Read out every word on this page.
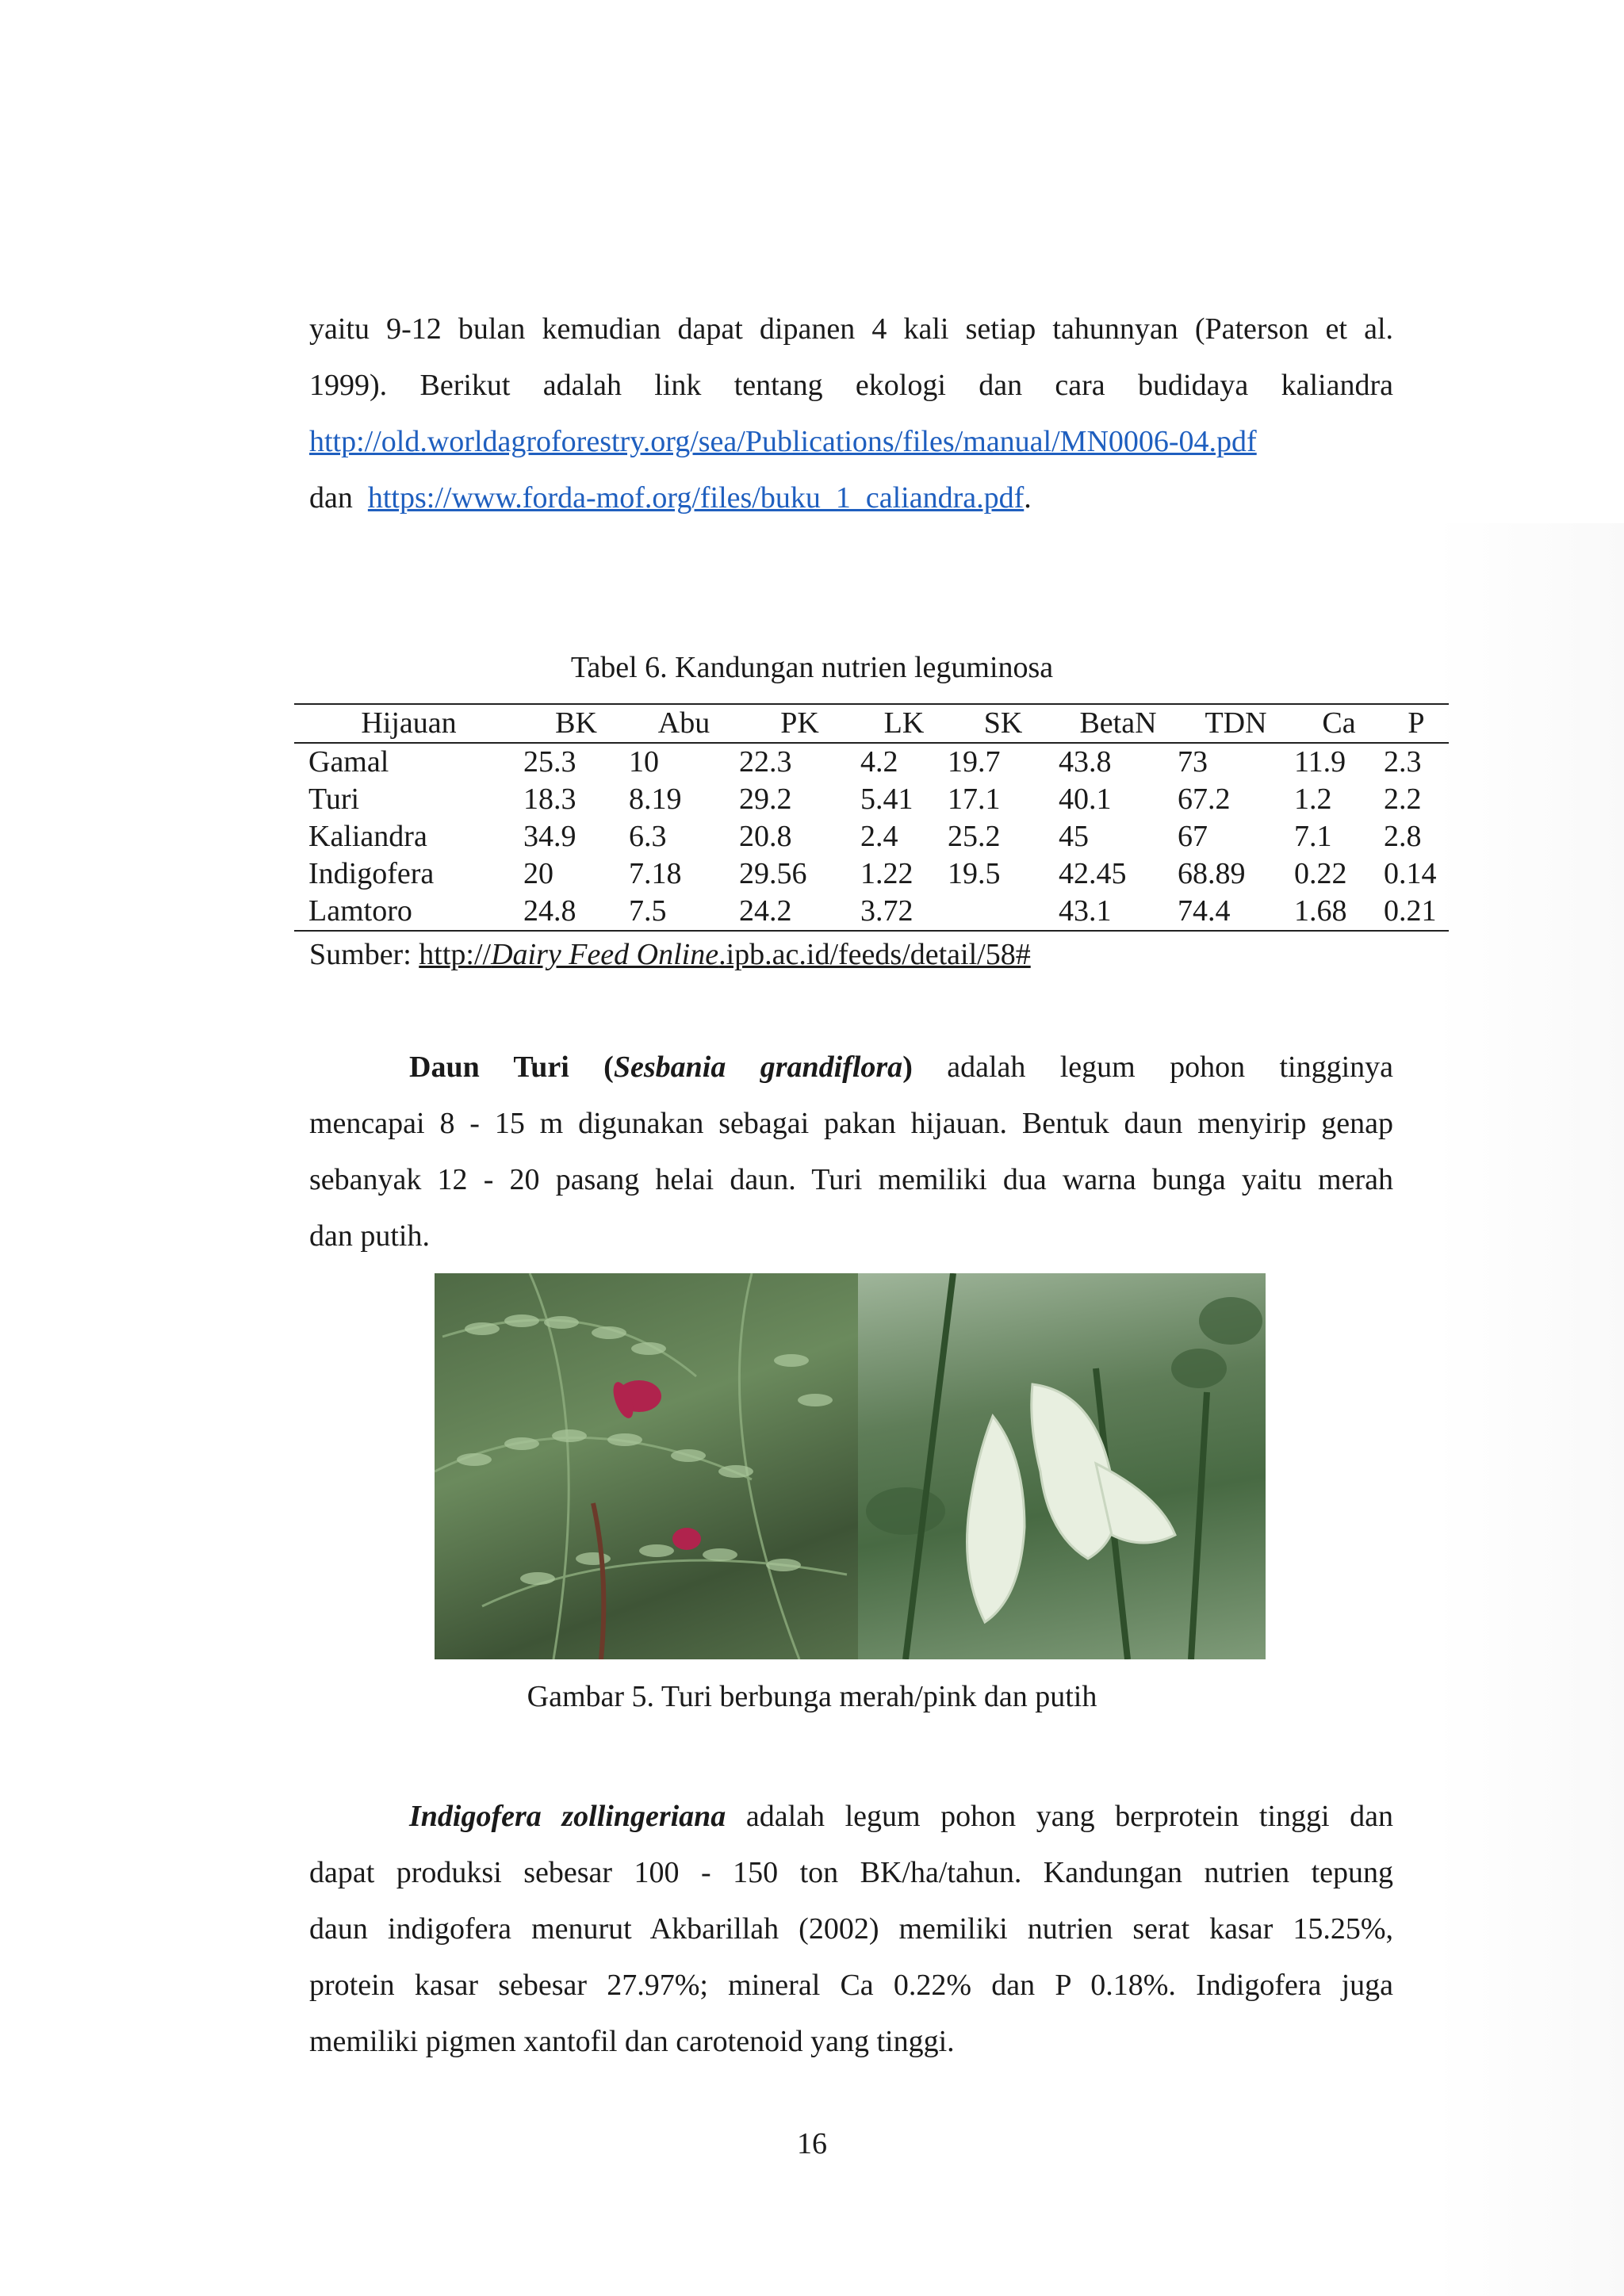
yaitu 9-12 bulan kemudian dapat dipanen 4 kali setiap tahunnyan (Paterson et al.
1999). Berikut adalah link tentang ekologi dan cara budidaya kaliandra
http://old.worldagroforestry.org/sea/Publications/files/manual/MN0006-04.pdf
dan https://www.forda-mof.org/files/buku_1_caliandra.pdf.

Tabel 6. Kandungan nutrien leguminosa

Hijauan	BK	Abu	PK	LK	SK	BetaN	TDN	Ca	P
Gamal	25.3	10	22.3	4.2	19.7	43.8	73	11.9	2.3
Turi	18.3	8.19	29.2	5.41	17.1	40.1	67.2	1.2	2.2
Kaliandra	34.9	6.3	20.8	2.4	25.2	45	67	7.1	2.8
Indigofera	20	7.18	29.56	1.22	19.5	42.45	68.89	0.22	0.14
Lamtoro	24.8	7.5	24.2	3.72		43.1	74.4	1.68	0.21

Sumber: http://Dairy Feed Online.ipb.ac.id/feeds/detail/58#

Daun Turi (Sesbania grandiflora) adalah legum pohon tingginya
mencapai 8 - 15 m digunakan sebagai pakan hijauan. Bentuk daun menyirip genap
sebanyak 12 - 20 pasang helai daun. Turi memiliki dua warna bunga yaitu merah
dan putih.

Gambar 5. Turi berbunga merah/pink dan putih

Indigofera zollingeriana adalah legum pohon yang berprotein tinggi dan
dapat produksi sebesar 100 - 150 ton BK/ha/tahun. Kandungan nutrien tepung
daun indigofera menurut Akbarillah (2002) memiliki nutrien serat kasar 15.25%,
protein kasar sebesar 27.97%; mineral Ca 0.22% dan P 0.18%. Indigofera juga
memiliki pigmen xantofil dan carotenoid yang tinggi.

16
